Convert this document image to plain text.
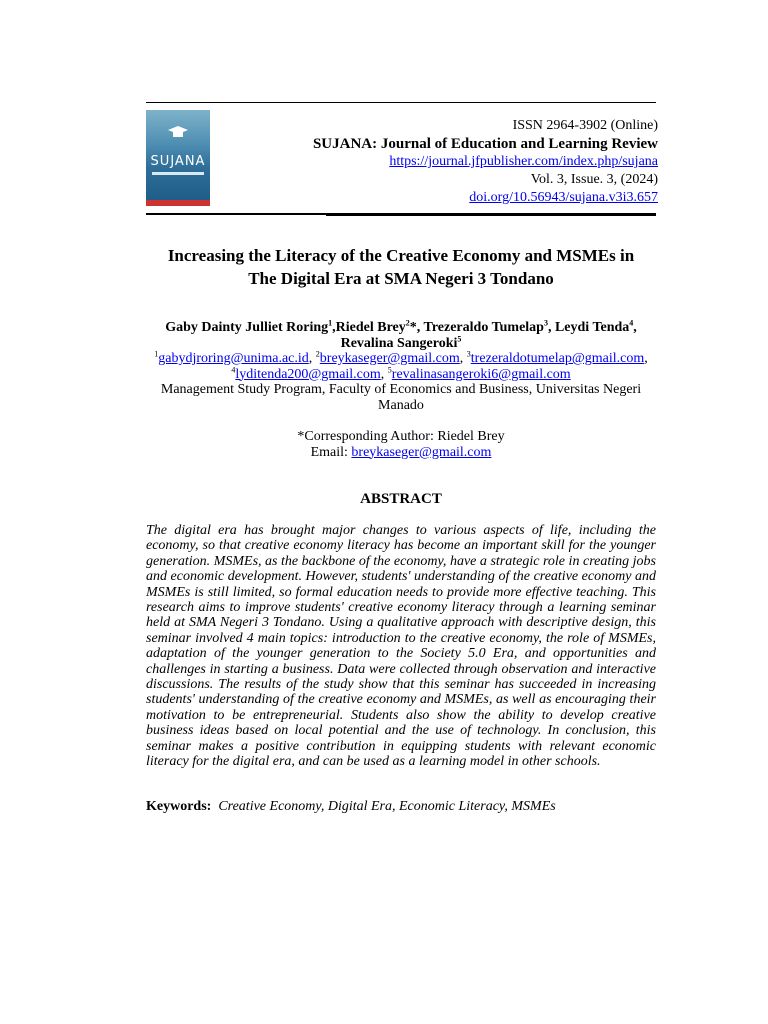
SUJANA
ISSN 2964-3902 (Online)
SUJANA: Journal of Education and Learning Review
https://journal.jfpublisher.com/index.php/sujana
Vol. 3, Issue. 3, (2024)
doi.org/10.56943/sujana.v3i3.657
Increasing the Literacy of the Creative Economy and MSMEs in
The Digital Era at SMA Negeri 3 Tondano
Gaby Dainty Julliet Roring$^1$,Riedel Brey$^2$*, Trezeraldo Tumelap$^3$, Leydi Tenda$^4$,
Revalina Sangeroki$^5$
$^1$gabydjroring@unima.ac.id, $^2$breykaseger@gmail.com, $^3$trezeraldotumelap@gmail.com,
$^4$lyditenda200@gmail.com, $^5$revalinasangeroki6@gmail.com
Management Study Program, Faculty of Economics and Business, Universitas Negeri Manado
*Corresponding Author: Riedel Brey
Email: breykaseger@gmail.com
ABSTRACT
The digital era has brought major changes to various aspects of life, including the economy, so that creative economy literacy has become an important skill for the younger generation. MSMEs, as the backbone of the economy, have a strategic role in creating jobs and economic development. However, students' understanding of the creative economy and MSMEs is still limited, so formal education needs to provide more effective teaching. This research aims to improve students' creative economy literacy through a learning seminar held at SMA Negeri 3 Tondano. Using a qualitative approach with descriptive design, this seminar involved 4 main topics: introduction to the creative economy, the role of MSMEs, adaptation of the younger generation to the Society 5.0 Era, and opportunities and challenges in starting a business. Data were collected through observation and interactive discussions. The results of the study show that this seminar has succeeded in increasing students' understanding of the creative economy and MSMEs, as well as encouraging their motivation to be entrepreneurial. Students also show the ability to develop creative business ideas based on local potential and the use of technology. In conclusion, this seminar makes a positive contribution in equipping students with relevant economic literacy for the digital era, and can be used as a learning model in other schools.
Keywords: Creative Economy, Digital Era, Economic Literacy, MSMEs
